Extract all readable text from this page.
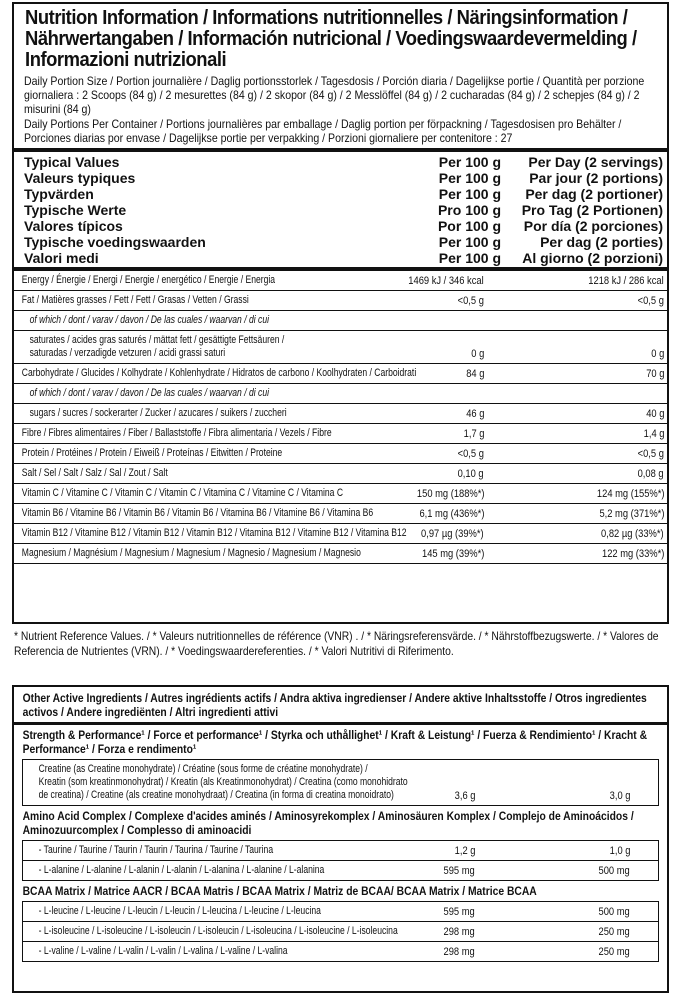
Nutrition Information / Informations nutritionnelles / Näringsinformation / Nährwertangaben / Información nutricional / Voedingswaardevermelding / Informazioni nutrizionali
Daily Portion Size / Portion journalière / Daglig portionsstorlek / Tagesdosis / Porción diaria / Dagelijkse portie / Quantità per porzione giornaliera : 2 Scoops (84 g) / 2 mesurettes (84 g) / 2 skopor (84 g) / 2 Messlöffel (84 g) / 2 cucharadas (84 g) / 2 schepjes (84 g) / 2 misurini (84 g)
Daily Portions Per Container / Portions journalières par emballage / Daglig portion per förpackning / Tagesdosisen pro Behälter / Porciones diarias por envase / Dagelijkse portie per verpakking / Porzioni giornaliere per contenitore : 27
Typical Values	Per 100 g Per Day (2 servings)
Valeurs typiques	Per 100 g Par jour (2 portions)
Typvärden	Per 100 g Per dag (2 portioner)
Typische Werte	Pro 100 g Pro Tag (2 Portionen)
Valores típicos	Por 100 g Por día (2 porciones)
Typische voedingswaarden	Per 100 g	Per dag (2 porties)
Valori medi	Per 100 g Al giorno (2 porzioni)
Energy / Énergie / Energi / Energie / energético / Energie / Energia	1469 kJ / 346 kcal	1218 kJ / 286 kcal
Fat / Matières grasses / Fett / Fett / Grasas / Vetten / Grassi	<0,5 g	<0,5 g
of which / dont / varav / davon / De las cuales / waarvan / di cui
saturates / acides gras saturés / mättat fett / gesättigte Fettsäuren /
saturadas / verzadigde vetzuren / acidi grassi saturi	0 g	0 g
Carbohydrate / Glucides / Kolhydrate / Kohlenhydrate / Hidratos de carbono / Koolhydraten / Carboidrati	84 g	70 g
of which / dont / varav / davon / De las cuales / waarvan / di cui
sugars / sucres / sockerarter / Zucker / azucares / suikers / zuccheri	46 g	40 g
Fibre / Fibres alimentaires / Fiber / Ballaststoffe / Fibra alimentaria / Vezels / Fibre	1,7 g	1,4 g
Protein / Protéines / Protein / Eiweiß / Proteínas / Eitwitten / Proteine	<0,5 g	<0,5 g
Salt / Sel / Salt / Salz / Sal / Zout / Salt	0,10 g	0,08 g
Vitamin C / Vitamine C / Vitamin C / Vitamin C / Vitamina C / Vitamine C / Vitamina C	150 mg (188%*)	124 mg (155%*)
Vitamin B6 / Vitamine B6 / Vitamin B6 / Vitamin B6 / Vitamina B6 / Vitamine B6 / Vitamina B6	6,1 mg (436%*)	5,2 mg (371%*)
Vitamin B12 / Vitamine B12 / Vitamin B12 / Vitamin B12 / Vitamina B12 / Vitamine B12 / Vitamina B12	0,97 µg (39%*)	0,82 µg (33%*)
Magnesium / Magnésium / Magnesium / Magnesium / Magnesio / Magnesium / Magnesio	145 mg (39%*)	122 mg (33%*)
* Nutrient Reference Values. / * Valeurs nutritionnelles de référence (VNR) . / * Näringsreferensvärde. / * Nährstoffbezugswerte. / * Valores de Referencia de Nutrientes (VRN). / * Voedingswaardereferenties. / * Valori Nutritivi di Riferimento.
Other Active Ingredients / Autres ingrédients actifs / Andra aktiva ingredienser / Andere aktive Inhaltsstoffe / Otros ingredientes activos / Andere ingrediënten / Altri ingredienti attivi
Strength & Performance¹ / Force et performance¹ / Styrka och uthållighet¹ / Kraft & Leistung¹ / Fuerza & Rendimiento¹ / Kracht & Performance¹ / Forza e rendimento¹
Creatine (as Creatine monohydrate) / Créatine (sous forme de créatine monohydrate) /
Kreatin (som kreatinmonohydrat) / Kreatin (als Kreatinmonohydrat) / Creatina (como monohidrato
de creatina) / Creatine (als creatine monohydraat) / Creatina (in forma di creatina monoidrato)	3,6 g	3,0 g
Amino Acid Complex / Complexe d'acides aminés / Aminosyrekomplex / Aminosäuren Komplex / Complejo de Aminoácidos / Aminozuurcomplex / Complesso di aminoacidi
- Taurine / Taurine / Taurin / Taurin / Taurina / Taurine / Taurina	1,2 g	1,0 g
- L-alanine / L-alanine / L-alanin / L-alanin / L-alanina / L-alanine / L-alanina	595 mg	500 mg
BCAA Matrix / Matrice AACR / BCAA Matris / BCAA Matrix / Matriz de BCAA/ BCAA Matrix / Matrice BCAA
- L-leucine / L-leucine / L-leucin / L-leucin / L-leucina / L-leucine / L-leucina	595 mg	500 mg
- L-isoleucine / L-isoleucine / L-isoleucin / L-isoleucin / L-isoleucina / L-isoleucine / L-isoleucina	298 mg	250 mg
- L-valine / L-valine / L-valin / L-valin / L-valina / L-valine / L-valina	298 mg	250 mg
